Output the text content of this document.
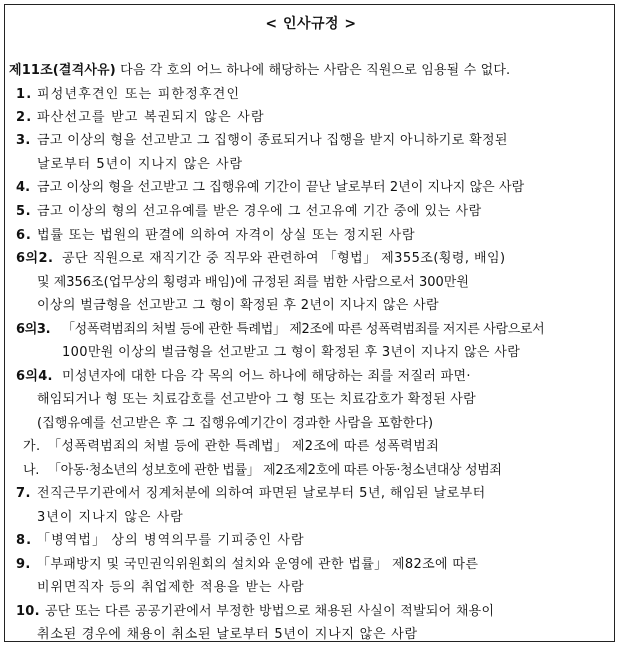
< 인사규정 >
제11조(결격사유) 다음 각 호의 어느 하나에 해당하는 사람은 직원으로 임용될 수 없다.
1. 피성년후견인 또는 피한정후견인
2. 파산선고를 받고 복권되지 않은 사람
3. 금고 이상의 형을 선고받고 그 집행이 종료되거나 집행을 받지 아니하기로 확정된
날로부터 5년이 지나지 않은 사람
4. 금고 이상의 형을 선고받고 그 집행유예 기간이 끝난 날로부터 2년이 지나지 않은 사람
5. 금고 이상의 형의 선고유예를 받은 경우에 그 선고유예 기간 중에 있는 사람
6. 법률 또는 법원의 판결에 의하여 자격이 상실 또는 정지된 사람
6의2. 공단 직원으로 재직기간 중 직무와 관련하여 「형법」 제355조(횡령, 배임)
및 제356조(업무상의 횡령과 배임)에 규정된 죄를 범한 사람으로서 300만원
이상의 벌금형을 선고받고 그 형이 확정된 후 2년이 지나지 않은 사람
6의3. 「성폭력범죄의 처벌 등에 관한 특례법」 제2조에 따른 성폭력범죄를 저지른 사람으로서
100만원 이상의 벌금형을 선고받고 그 형이 확정된 후 3년이 지나지 않은 사람
6의4. 미성년자에 대한 다음 각 목의 어느 하나에 해당하는 죄를 저질러 파면·
해임되거나 형 또는 치료감호를 선고받아 그 형 또는 치료감호가 확정된 사람
(집행유예를 선고받은 후 그 집행유예기간이 경과한 사람을 포함한다)
가. 「성폭력범죄의 처벌 등에 관한 특례법」 제2조에 따른 성폭력범죄
나. 「아동·청소년의 성보호에 관한 법률」 제2조제2호에 따른 아동·청소년대상 성범죄
7. 전직근무기관에서 징계처분에 의하여 파면된 날로부터 5년, 해임된 날로부터
3년이 지나지 않은 사람
8. 「병역법」 상의 병역의무를 기피중인 사람
9. 「부패방지 및 국민권익위원회의 설치와 운영에 관한 법률」 제82조에 따른
비위면직자 등의 취업제한 적용을 받는 사람
10. 공단 또는 다른 공공기관에서 부정한 방법으로 채용된 사실이 적발되어 채용이
취소된 경우에 채용이 취소된 날로부터 5년이 지나지 않은 사람
